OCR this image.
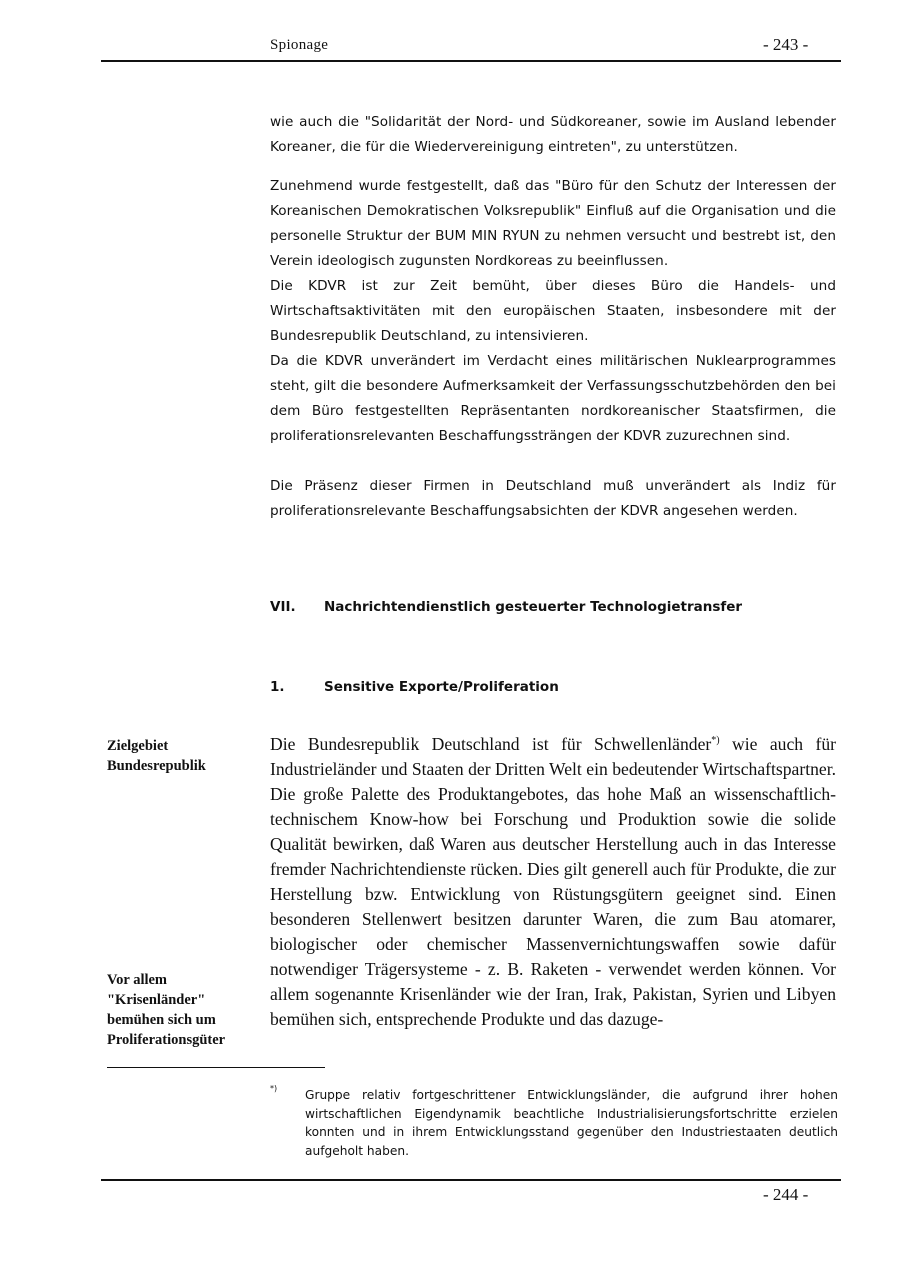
Spionage	- 243 -

wie auch die "Solidarität der Nord- und Südkoreaner, sowie im Ausland lebender Koreaner, die für die Wiedervereinigung eintreten", zu unterstützen.

Zunehmend wurde festgestellt, daß das "Büro für den Schutz der Interessen der Koreanischen Demokratischen Volksrepublik" Einfluß auf die Organisation und die personelle Struktur der BUM MIN RYUN zu nehmen versucht und bestrebt ist, den Verein ideologisch zugunsten Nordkoreas zu beeinflussen.

Die KDVR ist zur Zeit bemüht, über dieses Büro die Handels- und Wirtschaftsaktivitäten mit den europäischen Staaten, insbesondere mit der Bundesrepublik Deutschland, zu intensivieren.

Da die KDVR unverändert im Verdacht eines militärischen Nuklearprogrammes steht, gilt die besondere Aufmerksamkeit der Verfassungsschutzbehörden den bei dem Büro festgestellten Repräsentanten nordkoreanischer Staatsfirmen, die proliferationsrelevanten Beschaffungssträngen der KDVR zuzurechnen sind.

Die Präsenz dieser Firmen in Deutschland muß unverändert als Indiz für proliferationsrelevante Beschaffungsabsichten der KDVR angesehen werden.

VII. Nachrichtendienstlich gesteuerter Technologietransfer
1.	Sensitive Exporte/Proliferation
Zielgebiet Bundesrepublik
Vor allem "Krisenländer" bemühen sich um Proliferationsgüter
Die Bundesrepublik Deutschland ist für Schwellenländer*) wie auch für Industrieländer und Staaten der Dritten Welt ein bedeutender Wirtschaftspartner. Die große Palette des Produktangebotes, das hohe Maß an wissenschaftlich-technischem Know-how bei Forschung und Produktion sowie die solide Qualität bewirken, daß Waren aus deutscher Herstellung auch in das Interesse fremder Nachrichtendienste rücken. Dies gilt generell auch für Produkte, die zur Herstellung bzw. Entwicklung von Rüstungsgütern geeignet sind. Einen besonderen Stellenwert besitzen darunter Waren, die zum Bau atomarer, biologischer oder chemischer Massenvernichtungswaffen sowie dafür notwendiger Trägersysteme - z. B. Raketen - verwendet werden können. Vor allem sogenannte Krisenländer wie der Iran, Irak, Pakistan, Syrien und Libyen bemühen sich, entsprechende Produkte und das dazuge-
*) Gruppe relativ fortgeschrittener Entwicklungsländer, die aufgrund ihrer hohen wirtschaftlichen Eigendynamik beachtliche Industrialisierungsfortschritte erzielen konnten und in ihrem Entwicklungsstand gegenüber den Industriestaaten deutlich aufgeholt haben.
- 244 -
